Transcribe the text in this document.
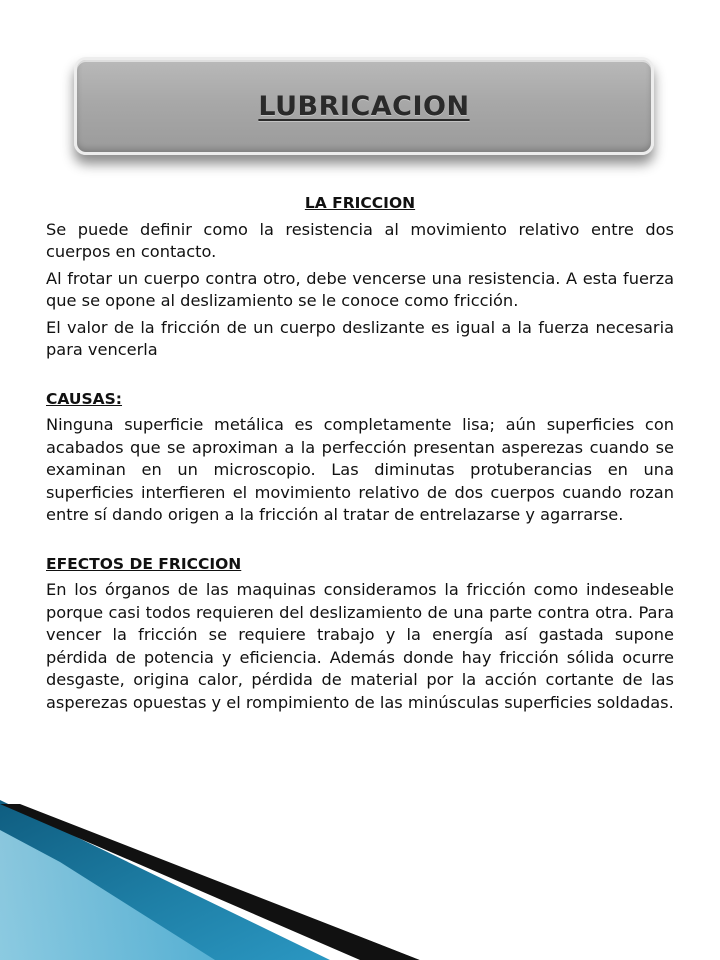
LUBRICACION
LA FRICCION

Se puede definir como la resistencia al movimiento relativo entre dos cuerpos en contacto.

Al frotar un cuerpo contra otro, debe vencerse una resistencia. A esta fuerza que se opone al deslizamiento se le conoce como fricción.

El valor de la fricción de un cuerpo deslizante es igual a la fuerza necesaria para vencerla

CAUSAS:

Ninguna superficie metálica es completamente lisa; aún superficies con acabados que se aproximan a la perfección presentan asperezas cuando se examinan en un microscopio. Las diminutas protuberancias en una superficies interfieren el movimiento relativo de dos cuerpos cuando rozan entre sí dando origen a la fricción al tratar de entrelazarse y agarrarse.

EFECTOS DE FRICCION

En los órganos de las maquinas consideramos la fricción como indeseable porque casi todos requieren del deslizamiento de una parte contra otra. Para vencer la fricción se requiere trabajo y la energía así gastada supone pérdida de potencia y eficiencia. Además donde hay fricción sólida ocurre desgaste, origina calor, pérdida de material por la acción cortante de las asperezas opuestas y el rompimiento de las minúsculas superficies soldadas.
